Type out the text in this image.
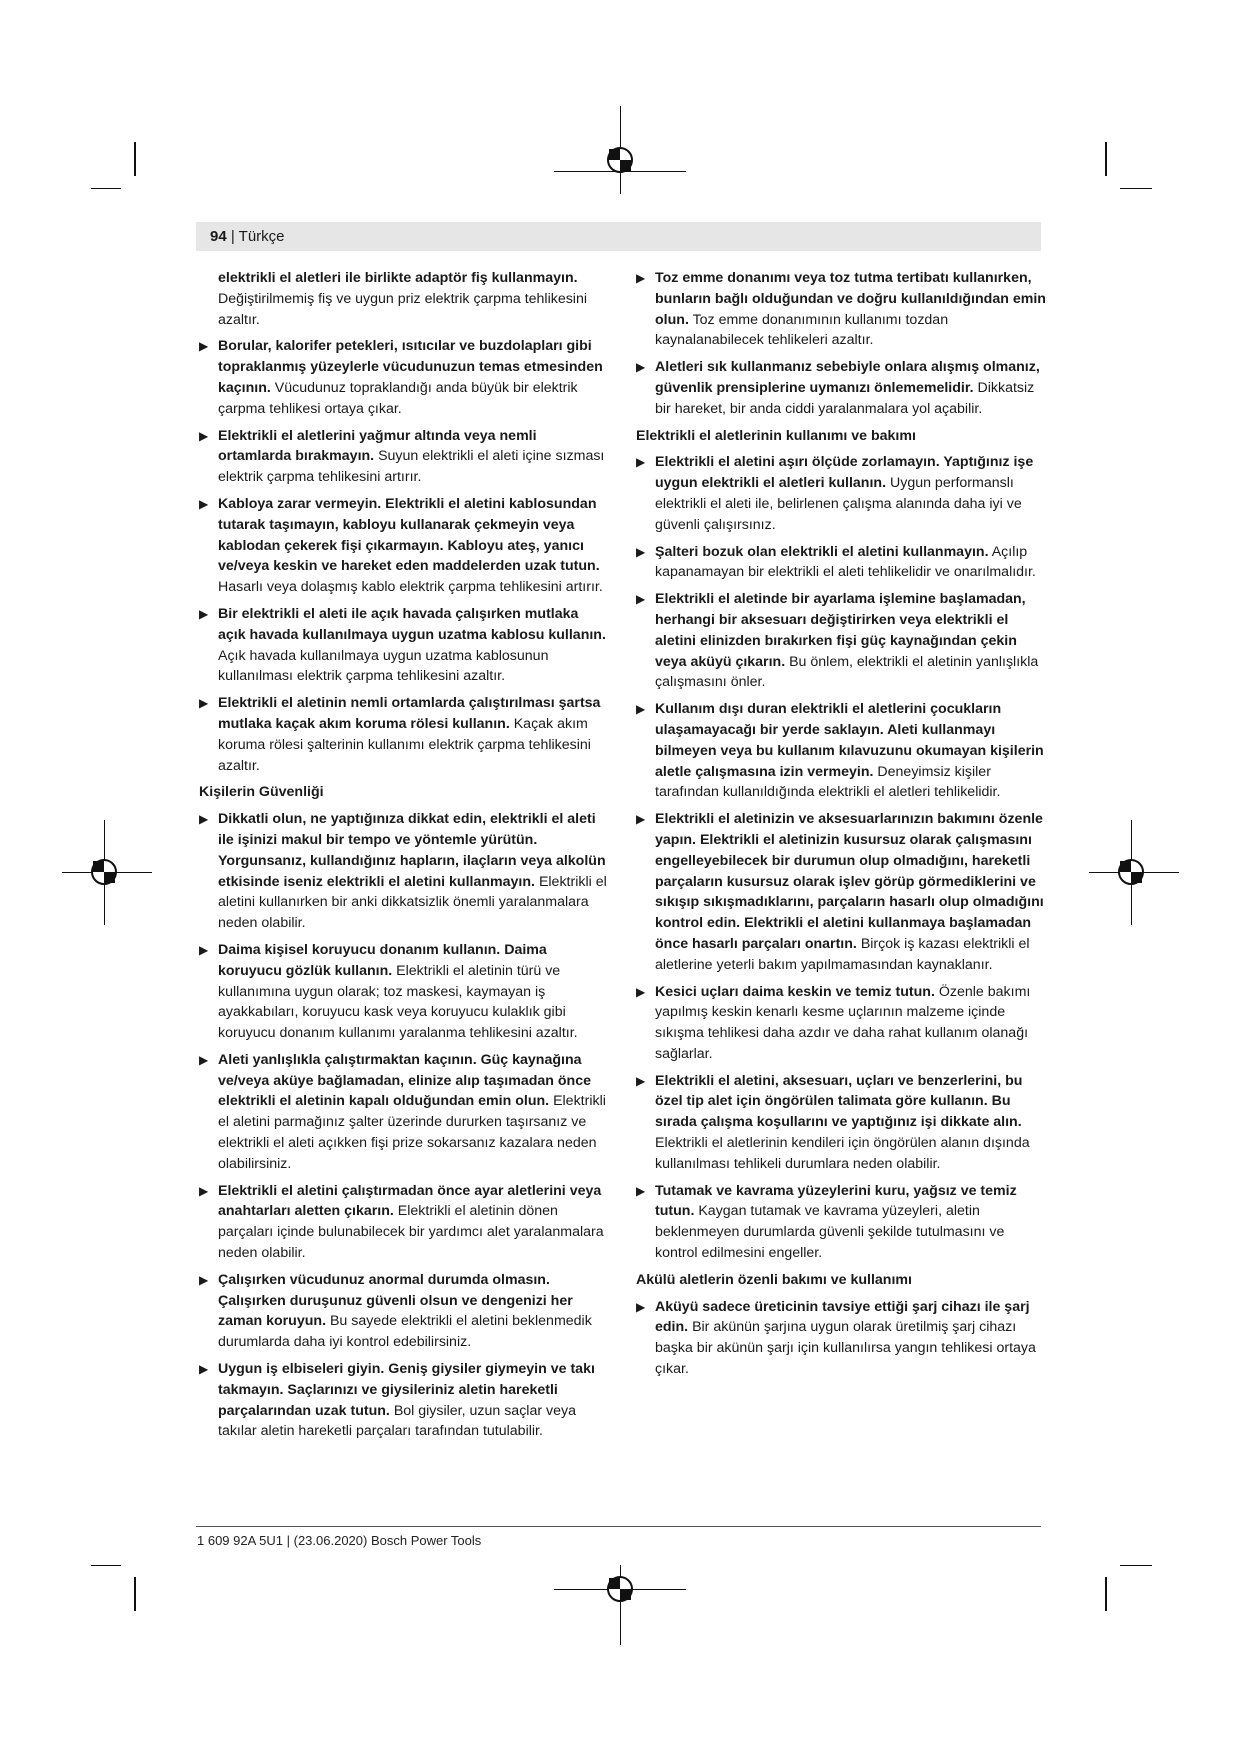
94 | Türkçe
elektrikli el aletleri ile birlikte adaptör fiş kullanmayın. Değiştirilmemiş fiş ve uygun priz elektrik çarpma tehlikesini azaltır.
▶ Borular, kalorifer petekleri, ısıtıcılar ve buzdolapları gibi topraklanmış yüzeylerle vücudunuzun temas etmesinden kaçının. Vücudunuz topraklandığı anda büyük bir elektrik çarpma tehlikesi ortaya çıkar.
▶ Elektrikli el aletlerini yağmur altında veya nemli ortamlarda bırakmayın. Suyun elektrikli el aleti içine sızması elektrik çarpma tehlikesini artırır.
▶ Kabloya zarar vermeyin. Elektrikli el aletini kablosundan tutarak taşımayın, kabloyu kullanarak çekmeyin veya kablodan çekerek fişi çıkarmayın. Kabloyu ateş, yanıcı ve/veya keskin ve hareket eden maddelerden uzak tutun. Hasarlı veya dolaşmış kablo elektrik çarpma tehlikesini artırır.
▶ Bir elektrikli el aleti ile açık havada çalışırken mutlaka açık havada kullanılmaya uygun uzatma kablosu kullanın. Açık havada kullanılmaya uygun uzatma kablosunun kullanılması elektrik çarpma tehlikesini azaltır.
▶ Elektrikli el aletinin nemli ortamlarda çalıştırılması şartsa mutlaka kaçak akım koruma rölesi kullanın. Kaçak akım koruma rölesi şalterinin kullanımı elektrik çarpma tehlikesini azaltır.
Kişilerin Güvenliği
▶ Dikkatli olun, ne yaptığınıza dikkat edin, elektrikli el aleti ile işinizi makul bir tempo ve yöntemle yürütün. Yorgunsanız, kullandığınız hapların, ilaçların veya alkolün etkisinde iseniz elektrikli el aletini kullanmayın. Elektrikli el aletini kullanırken bir anki dikkatsizlik önemli yaralanmalara neden olabilir.
▶ Daima kişisel koruyucu donanım kullanın. Daima koruyucu gözlük kullanın. Elektrikli el aletinin türü ve kullanımına uygun olarak; toz maskesi, kaymayan iş ayakkabıları, koruyucu kask veya koruyucu kulaklık gibi koruyucu donanım kullanımı yaralanma tehlikesini azaltır.
▶ Aleti yanlışlıkla çalıştırmaktan kaçının. Güç kaynağına ve/veya aküye bağlamadan, elinize alıp taşımadan önce elektrikli el aletinin kapalı olduğundan emin olun. Elektrikli el aletini parmağınız şalter üzerinde dururken taşırsanız ve elektrikli el aleti açıkken fişi prize sokarsanız kazalara neden olabilirsiniz.
▶ Elektrikli el aletini çalıştırmadan önce ayar aletlerini veya anahtarları aletten çıkarın. Elektrikli el aletinin dönen parçaları içinde bulunabilecek bir yardımcı alet yaralanmalara neden olabilir.
▶ Çalışırken vücudunuz anormal durumda olmasın. Çalışırken duruşunuz güvenli olsun ve dengenizi her zaman koruyun. Bu sayede elektrikli el aletini beklenmedik durumlarda daha iyi kontrol edebilirsiniz.
▶ Uygun iş elbiseleri giyin. Geniş giysiler giymeyin ve takı takmayın. Saçlarınızı ve giysileriniz aletin hareketli parçalarından uzak tutun. Bol giysiler, uzun saçlar veya takılar aletin hareketli parçaları tarafından tutulabilir.
▶ Toz emme donanımı veya toz tutma tertibatı kullanırken, bunların bağlı olduğundan ve doğru kullanıldığından emin olun. Toz emme donanımının kullanımı tozdan kaynalanabilecek tehlikeleri azaltır.
▶ Aletleri sık kullanmanız sebebiyle onlara alışmış olmanız, güvenlik prensiplerine uymanızı önlememelidir. Dikkatsiz bir hareket, bir anda ciddi yaralanmalara yol açabilir.
Elektrikli el aletlerinin kullanımı ve bakımı
▶ Elektrikli el aletini aşırı ölçüde zorlamayın. Yaptığınız işe uygun elektrikli el aletleri kullanın. Uygun performanslı elektrikli el aleti ile, belirlenen çalışma alanında daha iyi ve güvenli çalışırsınız.
▶ Şalteri bozuk olan elektrikli el aletini kullanmayın. Açılıp kapanamayan bir elektrikli el aleti tehlikelidir ve onarılmalıdır.
▶ Elektrikli el aletinde bir ayarlama işlemine başlamadan, herhangi bir aksesuarı değiştirirken veya elektrikli el aletini elinizden bırakırken fişi güç kaynağından çekin veya aküyü çıkarın. Bu önlem, elektrikli el aletinin yanlışlıkla çalışmasını önler.
▶ Kullanım dışı duran elektrikli el aletlerini çocukların ulaşamayacağı bir yerde saklayın. Aleti kullanmayı bilmeyen veya bu kullanım kılavuzunu okumayan kişilerin aletle çalışmasına izin vermeyin. Deneyimsiz kişiler tarafından kullanıldığında elektrikli el aletleri tehlikelidir.
▶ Elektrikli el aletinizin ve aksesuarlarınızın bakımını özenle yapın. Elektrikli el aletinizin kusursuz olarak çalışmasını engelleyebilecek bir durumun olup olmadığını, hareketli parçaların kusursuz olarak işlev görüp görmediklerini ve sıkışıp sıkışmadıklarını, parçaların hasarlı olup olmadığını kontrol edin. Elektrikli el aletini kullanmaya başlamadan önce hasarlı parçaları onartın. Birçok iş kazası elektrikli el aletlerine yeterli bakım yapılmamasından kaynaklanır.
▶ Kesici uçları daima keskin ve temiz tutun. Özenle bakımı yapılmış keskin kenarlı kesme uçlarının malzeme içinde sıkışma tehlikesi daha azdır ve daha rahat kullanım olanağı sağlarlar.
▶ Elektrikli el aletini, aksesuarı, uçları ve benzerlerini, bu özel tip alet için öngörülen talimata göre kullanın. Bu sırada çalışma koşullarını ve yaptığınız işi dikkate alın. Elektrikli el aletlerinin kendileri için öngörülen alanın dışında kullanılması tehlikeli durumlara neden olabilir.
▶ Tutamak ve kavrama yüzeylerini kuru, yağsız ve temiz tutun. Kaygan tutamak ve kavrama yüzeyleri, aletin beklenmeyen durumlarda güvenli şekilde tutulmasını ve kontrol edilmesini engeller.
Akülü aletlerin özenli bakımı ve kullanımı
▶ Aküyü sadece üreticinin tavsiye ettiği şarj cihazı ile şarj edin. Bir akünün şarjına uygun olarak üretilmiş şarj cihazı başka bir akünün şarjı için kullanılırsa yangın tehlikesi ortaya çıkar.
1 609 92A 5U1 | (23.06.2020) Bosch Power Tools
